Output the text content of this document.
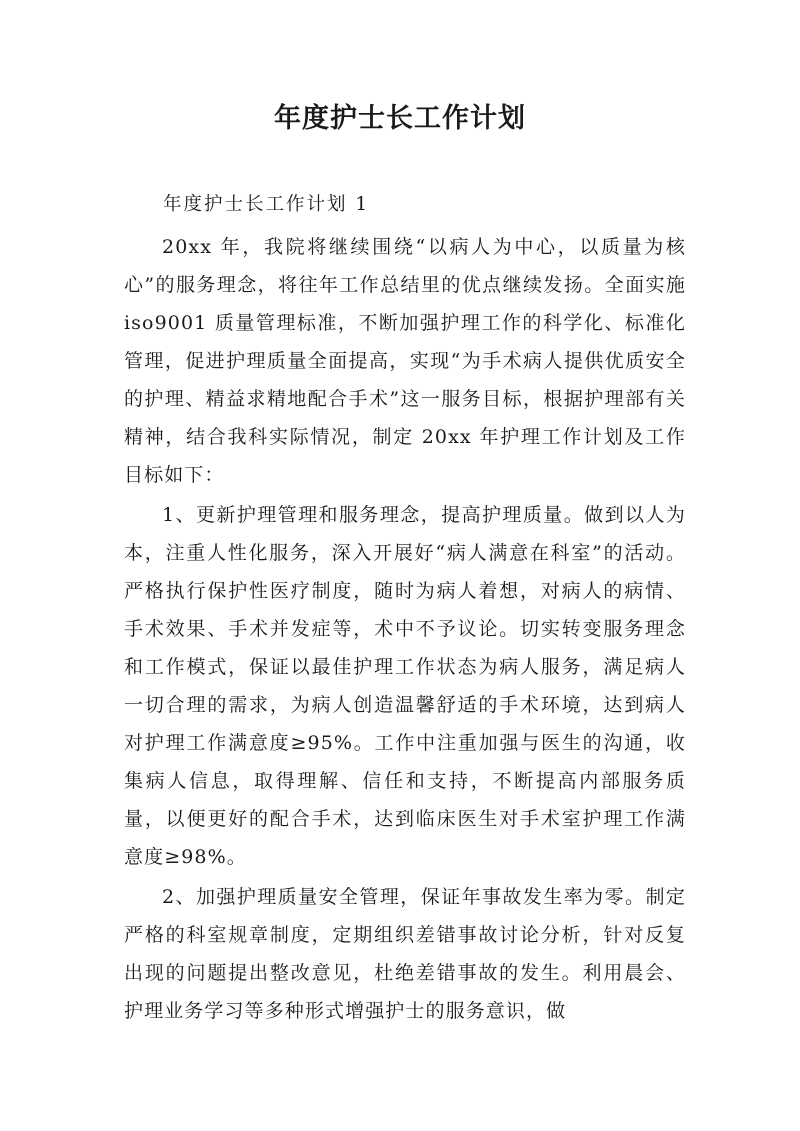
年度护士长工作计划

年度护士长工作计划 1

20xx 年，我院将继续围绕“以病人为中心，以质量为核心”的服务理念，将往年工作总结里的优点继续发扬。全面实施 iso9001 质量管理标准，不断加强护理工作的科学化、标准化管理，促进护理质量全面提高，实现“为手术病人提供优质安全的护理、精益求精地配合手术”这一服务目标，根据护理部有关精神，结合我科实际情况，制定 20xx 年护理工作计划及工作目标如下：

1、更新护理管理和服务理念，提高护理质量。做到以人为本，注重人性化服务，深入开展好“病人满意在科室”的活动。严格执行保护性医疗制度，随时为病人着想，对病人的病情、手术效果、手术并发症等，术中不予议论。切实转变服务理念和工作模式，保证以最佳护理工作状态为病人服务，满足病人一切合理的需求，为病人创造温馨舒适的手术环境，达到病人对护理工作满意度≥95%。工作中注重加强与医生的沟通，收集病人信息，取得理解、信任和支持，不断提高内部服务质量，以便更好的配合手术，达到临床医生对手术室护理工作满意度≥98%。

2、加强护理质量安全管理，保证年事故发生率为零。制定严格的科室规章制度，定期组织差错事故讨论分析，针对反复出现的问题提出整改意见，杜绝差错事故的发生。利用晨会、护理业务学习等多种形式增强护士的服务意识，做
